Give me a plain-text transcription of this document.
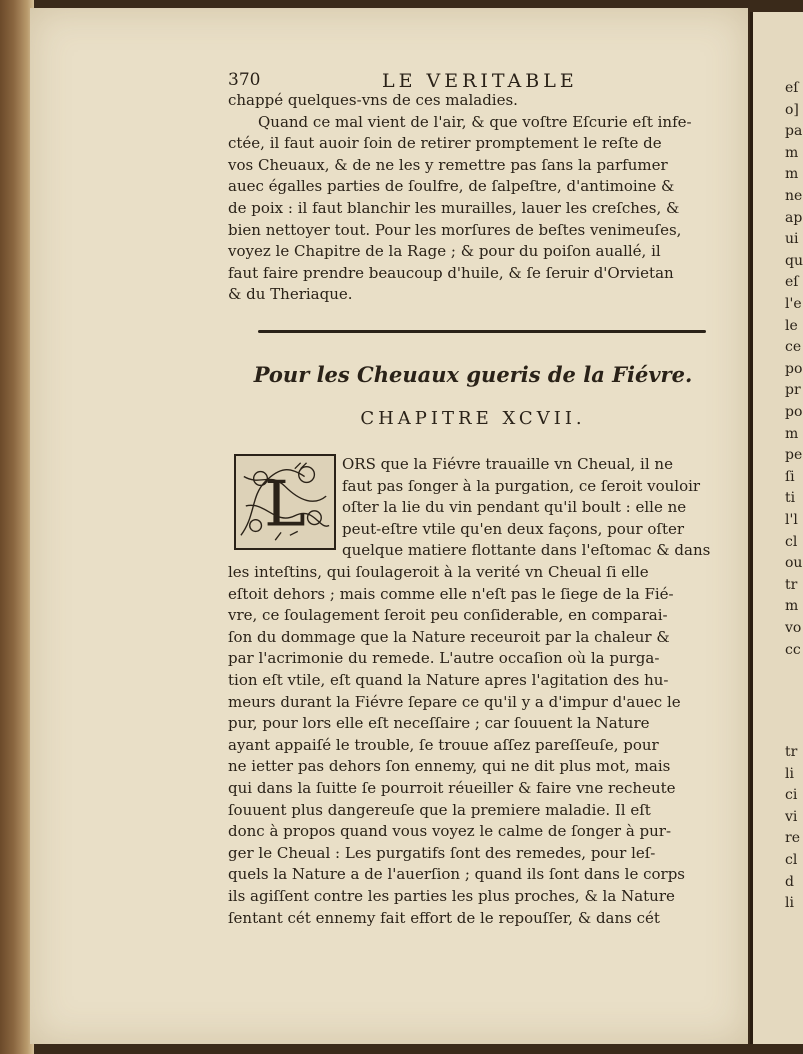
370	LE VERITABLE

chappé quelques-vns de ces maladies.

Quand ce mal vient de l'air, & que voſtre Eſcurie eſt infe-

ctée, il faut auoir ſoin de retirer promptement le reſte de

vos Cheuaux, & de ne les y remettre pas ſans la parfumer

auec égalles parties de ſoulfre, de ſalpeſtre, d'antimoine &

de poix : il faut blanchir les murailles, lauer les creſches, &

bien nettoyer tout. Pour les morſures de beſtes venimeuſes,

voyez le Chapitre de la Rage ; & pour du poiſon auallé, il

faut faire prendre beaucoup d'huile, & ſe ſeruir d'Orvietan

& du Theriaque.

Pour les Cheuaux gueris de la Fiévre.
CHAPITRE XCVII.
L

ORS que la Fiévre trauaille vn Cheual, il ne

faut pas ſonger à la purgation, ce ſeroit vouloir

oſter la lie du vin pendant qu'il boult : elle ne

peut-eſtre vtile qu'en deux façons, pour oſter

quelque matiere flottante dans l'eſtomac & dans

les inteſtins, qui ſoulageroit à la verité vn Cheual ſi elle

eſtoit dehors ; mais comme elle n'eſt pas le ſiege de la Fié-

vre, ce ſoulagement ſeroit peu conſiderable, en comparai-

ſon du dommage que la Nature receuroit par la chaleur &

par l'acrimonie du remede. L'autre occaſion où la purga-

tion eſt vtile, eſt quand la Nature apres l'agitation des hu-

meurs durant la Fiévre ſepare ce qu'il y a d'impur d'auec le

pur, pour lors elle eſt neceſſaire ; car ſouuent la Nature

ayant appaiſé le trouble, ſe trouue aſſez pareſſeuſe, pour

ne ietter pas dehors ſon ennemy, qui ne dit plus mot, mais

qui dans la ſuitte ſe pourroit réueiller & faire vne recheute

ſouuent plus dangereuſe que la premiere maladie. Il eſt

donc à propos quand vous voyez le calme de ſonger à pur-

ger le Cheual : Les purgatifs ſont des remedes, pour leſ-

quels la Nature a de l'auerſion ; quand ils ſont dans le corps

ils agiſſent contre les parties les plus proches, & la Nature

ſentant cét ennemy fait effort de le repouſſer, & dans cét

eſ
o]
pa
m
m
ne
ap
ui
qu
eſ
l'e
le
ce
po
pr
po
m
pe
ſi
ti
l'l
cl
ou
tr
m
vo
cc
tr
li
ci
vi
re
cl
d
li
